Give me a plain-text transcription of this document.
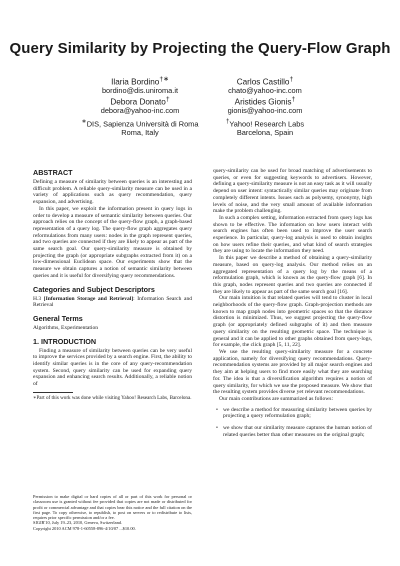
Query Similarity by Projecting the Query-Flow Graph
Ilaria Bordino†∗
bordino@dis.uniroma.it
Carlos Castillo†
chato@yahoo-inc.com
Debora Donato†
debora@yahoo-inc.com
Aristides Gionis†
gionis@yahoo-inc.com
∗DIS, Sapienza Università di Roma
Roma, Italy
†Yahoo! Research Labs
Barcelona, Spain
ABSTRACT

Defining a measure of similarity between queries is an interesting and difficult problem. A reliable query-similarity measure can be used in a variety of applications such as query recommendation, query expansion, and advertising.

In this paper, we exploit the information present in query logs in order to develop a measure of semantic similarity between queries. Our approach relies on the concept of the query-flow graph, a graph-based representation of a query log. The query-flow graph aggregates query reformulations from many users: nodes in the graph represent queries, and two queries are connected if they are likely to appear as part of the same search goal. Our query-similarity measure is obtained by projecting the graph (or appropriate subgraphs extracted from it) on a low-dimensional Euclidean space. Our experiments show that the measure we obtain captures a notion of semantic similarity between queries and it is useful for diversifying query recommendations.

Categories and Subject Descriptors

H.3 [Information Storage and Retrieval]: Information Search and Retrieval

General Terms

Algorithms, Experimentation

1. INTRODUCTION

Finding a measure of similarity between queries can be very useful to improve the services provided by a search engine. First, the ability to identify similar queries is in the core of any query-recommendation system. Second, query similarity can be used for expanding query expansion and enhancing search results. Additionally, a reliable notion of

∗Part of this work was done while visiting Yahoo! Research Labs, Barcelona.

Permission to make digital or hard copies of all or part of this work for personal or classroom use is granted without fee provided that copies are not made or distributed for profit or commercial advantage and that copies bear this notice and the full citation on the first page. To copy otherwise, to republish, to post on servers or to redistribute to lists, requires prior specific permission and/or a fee.

SIGIR'10, July 19–23, 2010, Geneva, Switzerland.

Copyright 2010 ACM 978-1-60558-896-4/10/07 ...$10.00.

query-similarity can be used for broad matching of advertisements to queries, or even for suggesting keywords to advertisers. However, defining a query-similarity measure is not an easy task as it will usually depend on user intent: syntactically similar queries may originate from completely different intents. Issues such as polysemy, synonymy, high levels of noise, and the very small amount of available information make the problem challenging.

In such a complex setting, information extracted from query logs has shown to be effective. The information on how users interact with search engines has often been used to improve the user search experience. In particular, query-log analysis is used to obtain insights on how users refine their queries, and what kind of search strategies they are using to locate the information they need.

In this paper we describe a method of obtaining a query-similarity measure, based on query-log analysis. Our method relies on an aggregated representation of a query log by the means of a reformulation graph, which is known as the query-flow graph [6]. In this graph, nodes represent queries and two queries are connected if they are likely to appear as part of the same search goal [16].

Our main intuition is that related queries will tend to cluster in local neighborhoods of the query-flow graph. Graph-projection methods are known to map graph nodes into geometric spaces so that the distance distortion is minimized. Thus, we suggest projecting the query-flow graph (or appropriately defined subgraphs of it) and then measure query similarity on the resulting geometric space. The technique is general and it can be applied to other graphs obtained from query-logs, for example, the click graph [5, 11, 22].

We use the resulting query-similarity measure for a concrete application, namely for diversifying query recommendations. Query-recommendation systems are provided by all major search engines and they aim at helping users to find more easily what they are searching for. The idea is that a diversification algorithm requires a notion of query similarity, for which we use the proposed measure. We show that the resulting system provides diverse yet relevant recommendations.

Our main contributions are summarized as follows:

• we describe a method for measuring similarity between queries by projecting a query reformulation graph;
• we show that our similarity measure captures the human notion of related queries better than other measures on the original graph;
